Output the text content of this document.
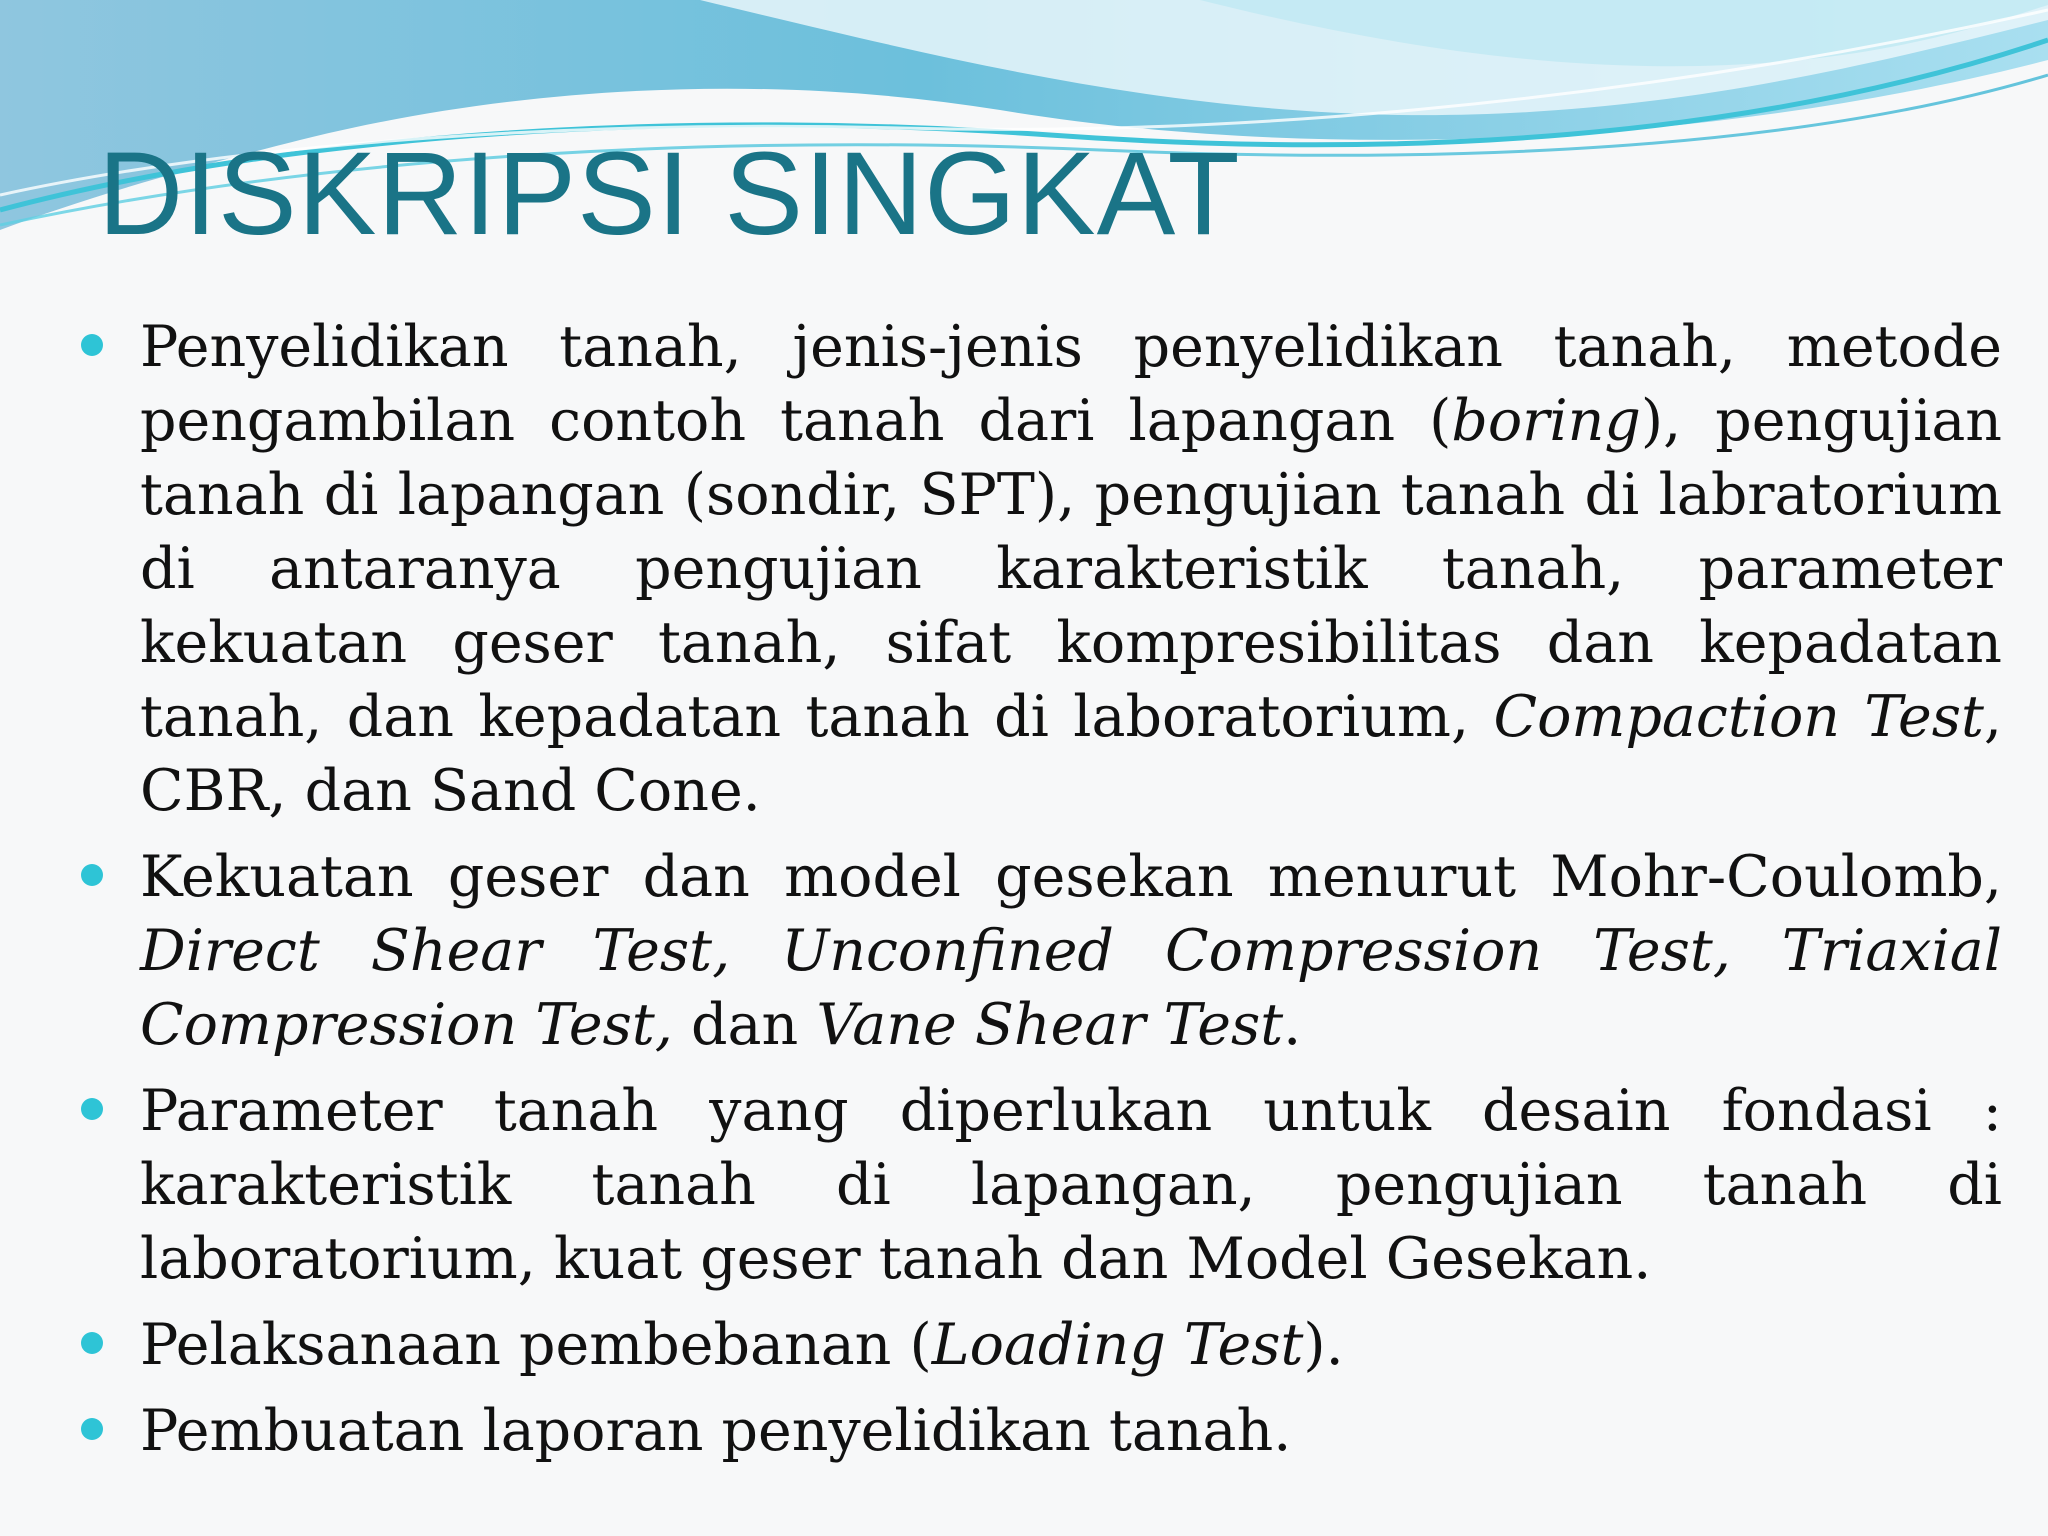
DISKRIPSI SINGKAT
Penyelidikan tanah, jenis-jenis penyelidikan tanah, metode pengambilan contoh tanah dari lapangan (boring), pengujian tanah di lapangan (sondir, SPT), pengujian tanah di labratorium di antaranya pengujian karakteristik tanah, parameter kekuatan geser tanah, sifat kompresibilitas dan kepadatan tanah, dan kepadatan tanah di laboratorium, Compaction Test, CBR, dan Sand Cone.
Kekuatan geser dan model gesekan menurut Mohr-Coulomb, Direct Shear Test, Unconfined Compression Test, Triaxial Compression Test, dan Vane Shear Test.
Parameter tanah yang diperlukan untuk desain fondasi : karakteristik tanah di lapangan, pengujian tanah di laboratorium, kuat geser tanah dan Model Gesekan.
Pelaksanaan pembebanan (Loading Test).
Pembuatan laporan penyelidikan tanah.
